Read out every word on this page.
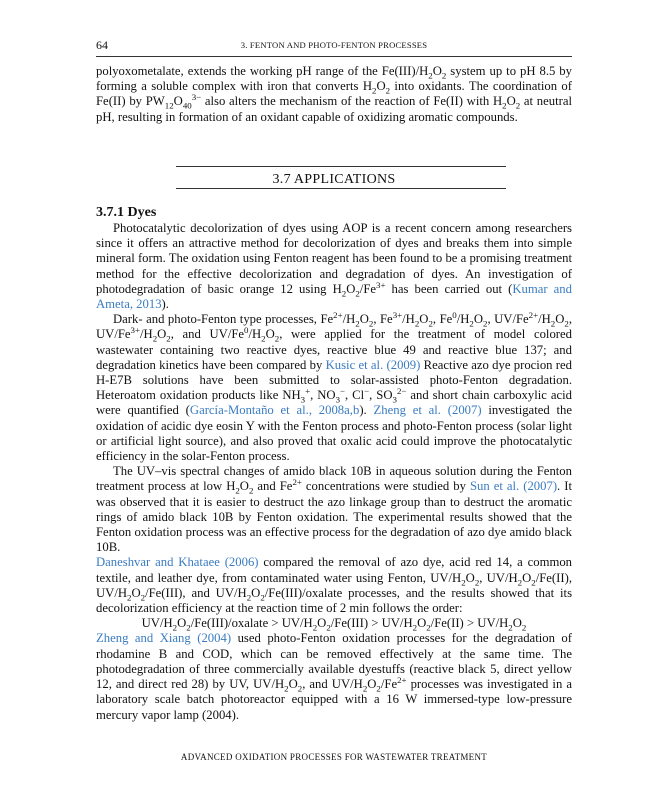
64	3. FENTON AND PHOTO-FENTON PROCESSES

polyoxometalate, extends the working pH range of the $Fe(III)/H_2O_2$ system up to pH 8.5 by forming a soluble complex with iron that converts $H_2O_2$ into oxidants. The coordination of Fe(II) by $PW_{12}O_{40}^{3-}$ also alters the mechanism of the reaction of Fe(II) with $H_2O_2$ at neutral pH, resulting in formation of an oxidant capable of oxidizing aromatic compounds.

3.7 APPLICATIONS
3.7.1 Dyes

Photocatalytic decolorization of dyes using AOP is a recent concern among researchers since it offers an attractive method for decolorization of dyes and breaks them into simple mineral form. The oxidation using Fenton reagent has been found to be a promising treatment method for the effective decolorization and degradation of dyes. An investigation of photodegradation of basic orange 12 using $H_2O_2/Fe^{3+}$ has been carried out (Kumar and Ameta, 2013).

Dark- and photo-Fenton type processes, $Fe^{2+}/H_2O_2$, $Fe^{3+}/H_2O_2$, $Fe^0/H_2O_2$, $UV/Fe^{2+}/H_2O_2$, $UV/Fe^{3+}/H_2O_2$, and $UV/Fe^0/H_2O_2$, were applied for the treatment of model colored wastewater containing two reactive dyes, reactive blue 49 and reactive blue 137; and degradation kinetics have been compared by Kusic et al. (2009) Reactive azo dye procion red H-E7B solutions have been submitted to solar-assisted photo-Fenton degradation. Heteroatom oxidation products like $NH_3^+$, $NO_3^-$, Cl−, $SO_3^{2-}$ and short chain carboxylic acid were quantified (García-Montaño et al., 2008a,b). Zheng et al. (2007) investigated the oxidation of acidic dye eosin Y with the Fenton process and photo-Fenton process (solar light or artificial light source), and also proved that oxalic acid could improve the photocatalytic efficiency in the solar-Fenton process.

The UV–vis spectral changes of amido black 10B in aqueous solution during the Fenton treatment process at low $H_2O_2$ and $Fe^{2+}$ concentrations were studied by Sun et al. (2007). It was observed that it is easier to destruct the azo linkage group than to destruct the aromatic rings of amido black 10B by Fenton oxidation. The experimental results showed that the Fenton oxidation process was an effective process for the degradation of azo dye amido black 10B.

Daneshvar and Khataee (2006) compared the removal of azo dye, acid red 14, a common textile, and leather dye, from contaminated water using Fenton, $UV/H_2O_2$, $UV/H_2O_2/Fe(II)$, $UV/H_2O_2/Fe(III)$, and $UV/H_2O_2/Fe(III)$/oxalate processes, and the results showed that its decolorization efficiency at the reaction time of 2 min follows the order:

$UV/H_2O_2/Fe(III)$/oxalate > $UV/H_2O_2/Fe(III) > UV/H_2O_2/Fe(II) > UV/H_2O_2$

Zheng and Xiang (2004) used photo-Fenton oxidation processes for the degradation of rhodamine B and COD, which can be removed effectively at the same time. The photodegradation of three commercially available dyestuffs (reactive black 5, direct yellow 12, and direct red 28) by UV, $UV/H_2O_2$, and $UV/H_2O_2/Fe^{2+}$ processes was investigated in a laboratory scale batch photoreactor equipped with a 16 W immersed-type low-pressure mercury vapor lamp (2004).

ADVANCED OXIDATION PROCESSES FOR WASTEWATER TREATMENT
